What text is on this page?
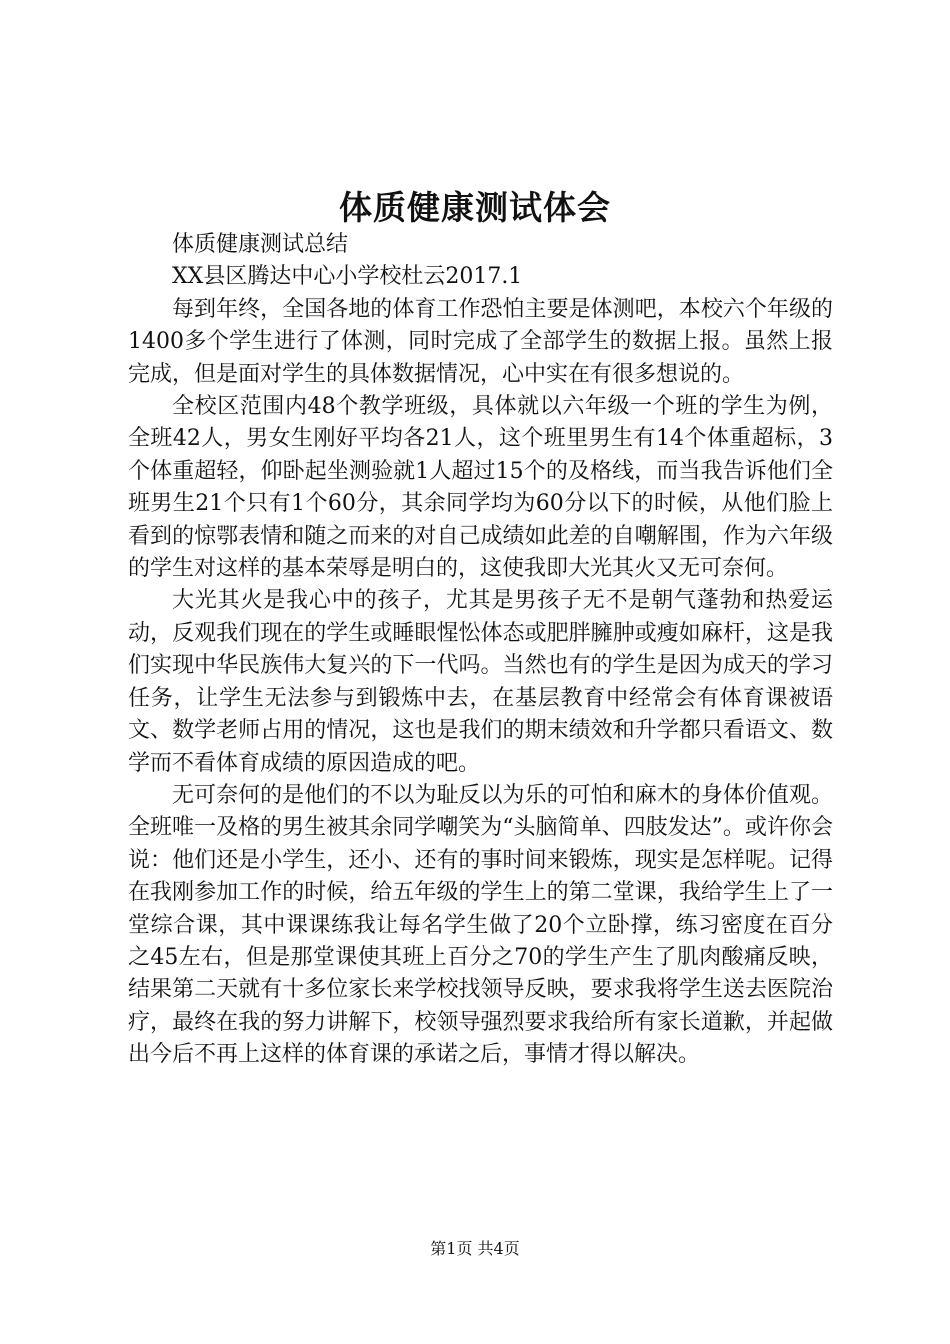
体质健康测试体会

体质健康测试总结

XX县区腾达中心小学校杜云2017.1

每到年终，全国各地的体育工作恐怕主要是体测吧，本校六个年级的1400多个学生进行了体测，同时完成了全部学生的数据上报。虽然上报完成，但是面对学生的具体数据情况，心中实在有很多想说的。

全校区范围内48个教学班级，具体就以六年级一个班的学生为例，全班42人，男女生刚好平均各21人，这个班里男生有14个体重超标，3个体重超轻，仰卧起坐测验就1人超过15个的及格线，而当我告诉他们全班男生21个只有1个60分，其余同学均为60分以下的时候，从他们脸上看到的惊鄂表情和随之而来的对自己成绩如此差的自嘲解围，作为六年级的学生对这样的基本荣辱是明白的，这使我即大光其火又无可奈何。

大光其火是我心中的孩子，尤其是男孩子无不是朝气蓬勃和热爱运动，反观我们现在的学生或睡眼惺忪体态或肥胖臃肿或瘦如麻杆，这是我们实现中华民族伟大复兴的下一代吗。当然也有的学生是因为成天的学习任务，让学生无法参与到锻炼中去，在基层教育中经常会有体育课被语文、数学老师占用的情况，这也是我们的期末绩效和升学都只看语文、数学而不看体育成绩的原因造成的吧。

无可奈何的是他们的不以为耻反以为乐的可怕和麻木的身体价值观。全班唯一及格的男生被其余同学嘲笑为“头脑简单、四肢发达”。或许你会说：他们还是小学生，还小、还有的事时间来锻炼，现实是怎样呢。记得在我刚参加工作的时候，给五年级的学生上的第二堂课，我给学生上了一堂综合课，其中课课练我让每名学生做了20个立卧撑，练习密度在百分之45左右，但是那堂课使其班上百分之70的学生产生了肌肉酸痛反映，结果第二天就有十多位家长来学校找领导反映，要求我将学生送去医院治疗，最终在我的努力讲解下，校领导强烈要求我给所有家长道歉，并起做出今后不再上这样的体育课的承诺之后，事情才得以解决。

第1页 共4页
